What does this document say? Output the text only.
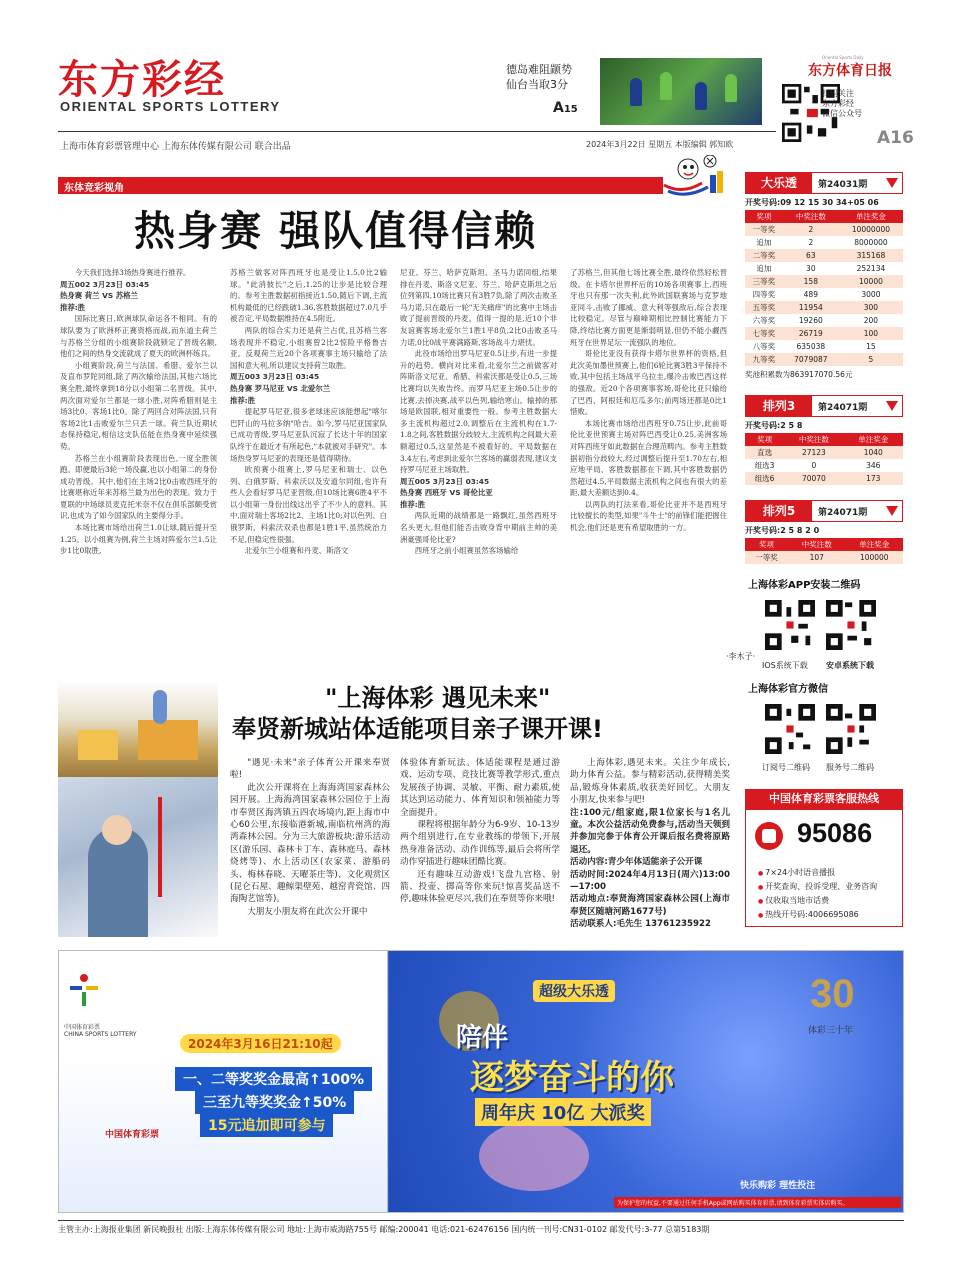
东方彩经
ORIENTAL SPORTS LOTTERY
德岛难阻颛势
仙台当取3分
A15
Oriental Sports Daily
东方体育日报
扫码关注
东方彩经
微信公众号
A16
上海市体育彩票管理中心 上海东体传媒有限公司 联合出品	2024年3月22日 星期五 本版编辑 郭知欧
东体竞彩视角
热身赛 强队值得信赖

今天我们选择3场热身赛进行推荐。

周五002 3月23日 03:45
热身赛 荷兰 VS 苏格兰
推荐:胜

国际比赛日,欧洲球队命运各不相同。有的球队要为了欧洲杯正赛资格而战,而东道主荷兰与苏格兰分组的小组赛阶段就锁定了晋级名额,他们之间的热身交流就成了夏天的欧洲杯练兵。

小组赛阶段,荷兰与法国、希腊、爱尔兰以及直布罗陀同组,除了两次输给法国,其他六场比赛全胜,最终拿到18分以小组第二名晋级。其中,两次面对爱尔兰都是一球小胜,对阵希腊则是主场3比0、客场1比0。除了两回合对阵法国,只有客场2比1击败爱尔兰只丢一球。荷兰队近期状态保持稳定,相信这支队伍能在热身赛中延续强势。

苏格兰在小组赛阶段表现出色,一度全胜领跑。即便最后3轮一场没赢,也以小组第二的身份成功晋级。其中,他们在主场2比0击败西班牙的比赛堪称近年来苏格兰最为出色的表现。致力于夏联的中场球员麦克托米奈不仅在俱乐部颇受赏识,也成为了如今国家队的主要得分手。

本场比赛市场给出荷兰1.0让球,随后提升至1.25。以小组赛为例,荷兰主场对阵爱尔兰1.5让步1比0取胜,

苏格兰做客对阵西班牙也是受让1.5,0比2输球。"此消彼长"之后,1.25的让步是比较合理的。参考主胜数据初指接近1.50,随后下调,主流机构最低的已经跌破1.36,客胜数据超过7.0几乎被否定,平局数据维持在4.5附近。

两队的综合实力还是荷兰占优,且苏格兰客场表现并不稳定,小组赛曾2比2惊险平格鲁吉亚。反观荷兰近20个各项赛事主场只输给了法国和意大利,所以建议支持荷兰取胜。

周五003 3月23日 03:45
热身赛 罗马尼亚 VS 北爱尔兰
推荐:胜

提起罗马尼亚,很多老球迷应该能想起"喀尔巴阡山的马拉多纳"哈吉。如今,罗马尼亚国家队已成功晋级,罗马尼亚队沉寂了长达十年的国家队终于在最近才有所起色,"本就被对手研究"。本场热身罗马尼亚的表现还是值得期待。

欧预赛小组赛上,罗马尼亚和瑞士、以色列、白俄罗斯、科索沃以及安道尔同组,也许有些人会看好罗马尼亚晋级,但10场比赛6胜4平不以小组第一身份出线这出乎了不少人的意料。其中,面对瑞士客场2比2、主场1比0;对以色列、白俄罗斯、科索沃双杀也都是1胜1平,虽然统治力不足,但稳定性很强。

北爱尔兰小组赛和丹麦、斯洛文

尼亚、芬兰、哈萨克斯坦、圣马力诺同组,结果排在丹麦、斯洛文尼亚、芬兰、哈萨克斯坦之后位列第四,10场比赛只有3胜7负,除了两次击败圣马力诺,只在最后一轮"无关痛痒"的比赛中主场击败了提前晋级的丹麦。值得一提的是,近10个非友谊赛客场北爱尔兰1胜1平8负,2比0击败圣马力诺,0比0战平赛满路斯,客场战斗力堪忧。

此役市场给出罗马尼亚0.5让步,有进一步提升的趋势。横向对比来看,北爱尔兰之前做客对阵斯洛文尼亚、希腊、科索沃都是受让0.5,三场比赛均以失败告终。而罗马尼亚主场0.5让步的比赛,去掉决赛,战平以色列,输给寒山。输掉的那场是欧国联,相对重要性一般。参考主胜数据大多主流机构超过2.0,调整后在主流机构在1.7-1.8之间,客胜数据分歧较大,主流机构之间最大差额超过0.5,这显然是不被看好的。平局数据在3.4左右,考虑到北爱尔兰客场的赢弱表现,建议支持罗马尼亚主场取胜。

周五005 3月23日 03:45
热身赛 西班牙 VS 哥伦比亚
推荐:胜

两队近期的战绩都是一路飘红,虽然西班牙名头更大,但他们能否击败身背中期前主帅的美洲豪强哥伦比亚?

西班牙之前小组赛虽然客场输给

了苏格兰,但其他七场比赛全胜,最终依然轻松晋级。在卡塔尔世界杯后的10场各项赛事上,西班牙也只有那一次失利,此外欧国联赛场与克罗地亚同斗,击败了挪威、意大利等强敌后,综合表现比较稳定。尽管与巅峰期相比控制比赛能力下降,终结比赛方面更是渐弱明显,但仍不能小觑西班牙在世界足坛一流强队的地位。

哥伦比亚没有获得卡塔尔世界杯的资格,但此次美加墨世预赛上,他们6轮比赛3胜3平保持不败,其中包括主场战平乌拉圭,爆冷击败巴西这样的强敌。近20个各项赛事客场,哥伦比亚只输给了巴西、阿根廷和厄瓜多尔;前两场还都是0比1惜败。

本场比赛市场给出西班牙0.75让步,此前哥伦比亚世预赛主场对阵巴西受让0.25,美洲客场对阵西班牙如此数据在合理范畴内。参考主胜数据初指分歧较大,经过调整后提升至1.70左右,相应地平局、客胜数据都在下调,其中客胜数据仍然超过4.5,平局数据主流机构之间也有很大的差距,最大差额达到0.4。

以两队的打法来看,哥伦比亚并不是西班牙比较擅长的类型,如果"斗牛士"的前锋们能把握住机会,他们还是更有希望取胜的一方。

·李木子·
大乐透	第24031期
开奖号码:09 12 15 30 34+05 06
奖项	中奖注数	单注奖金
一等奖	2	10000000
追加	2	8000000
二等奖	63	315168
追加	30	252134
三等奖	158	10000
四等奖	489	3000
五等奖	11954	300
六等奖	19260	200
七等奖	26719	100
八等奖	635038	15
九等奖	7079087	5
奖池积累数为863917070.56元
排列3	第24071期
开奖号码:2 5 8
奖项	中奖注数	单注奖金
直选	27123	1040
组选3	0	346
组选6	70070	173
排列5	第24071期
开奖号码:2 5 8 2 0
奖项	中奖注数	单注奖金
一等奖	107	100000
上海体彩APP安装二维码
IOS系统下载 安卓系统下载
上海体彩官方微信
订阅号二维码 服务号二维码
中国体育彩票客服热线
95086
● 7×24小时语音播报
● 开奖查询、投诉受理、业务咨询
● 仅收取当地市话费
● 热线开号码:4006695086
"上海体彩 遇见未来"
奉贤新城站体适能项目亲子课开课!

"遇见·未来"亲子体育公开课来奉贤啦!

此次公开课将在上海海湾国家森林公园开展。上海海湾国家森林公园位于上海市奉贤区海湾镇五四农场境内,距上海市中心60公里,东接临港新城,南临杭州湾的海湾森林公园。分为三大旅游板块:游乐活动区(游乐园、森林卡丁车、森林庭马、森林烧烤等)、水上活动区(农家菜、游船码头、梅林春晓、天曜茶庄等)、文化观赏区(昆仑石屋、趣鲸渠壁苑、越窑青瓷馆、四海陶艺馆等)。

大朋友小朋友将在此次公开课中

体验体育新玩法。体适能课程是通过游戏、运动专项、竞技比赛等教学形式,重点发展孩子协调、灵敏、平衡、耐力素质,使其达到运动能力、体育知识和领袖能力等全面提升。

课程将根据年龄分为6-9岁、10-13岁两个组别进行,在专业教练的带领下,开展热身准备活动、动作训练等,最后会将所学动作穿插进行趣味团酷比赛。

还有趣味互动游戏!飞盘九宫格、射箭、投壶、掷高等你来玩!惊喜奖品送不停,趣味体验更尽兴,我们在奉贤等你来哦!

上海体彩,遇见未来。关注少年成长,助力体育公益。参与精彩活动,获得精美奖品,锻炼身体素质,收获美好回忆。大朋友小朋友,快来参与吧!

注:100元/组家庭,限1位家长与1名儿童。本次公益活动免费参与,活动当天领到并参加完参于体育公开课后报名费将原路退还。

活动内容:青少年体适能亲子公开课

活动时间:2024年4月13日(周六)13:00—17:00

活动地点:奉贤海湾国家森林公园(上海市奉贤区随塘河路1677号)

活动联系人:毛先生 13761235922

中国体育彩票
CHINA SPORTS LOTTERY
2024年3月16日21:10起
一、二等奖奖金最高↑100%
三至九等奖奖金↑50%
15元追加即可参与
中国体育彩票
超级大乐透
陪伴
逐梦奋斗的你
周年庆 10亿 大派奖
30
体彩三十年
快乐购彩 理性投注
为保护您的权益,不要通过任何手机App或网站购买体育彩票,请到体育彩票实体店购买。
主管主办:上海报业集团 新民晚报社 出版:上海东体传媒有限公司 地址:上海市威海路755号 邮编:200041 电话:021-62476156 国内统一刊号:CN31-0102 邮发代号:3-77 总第5183期
